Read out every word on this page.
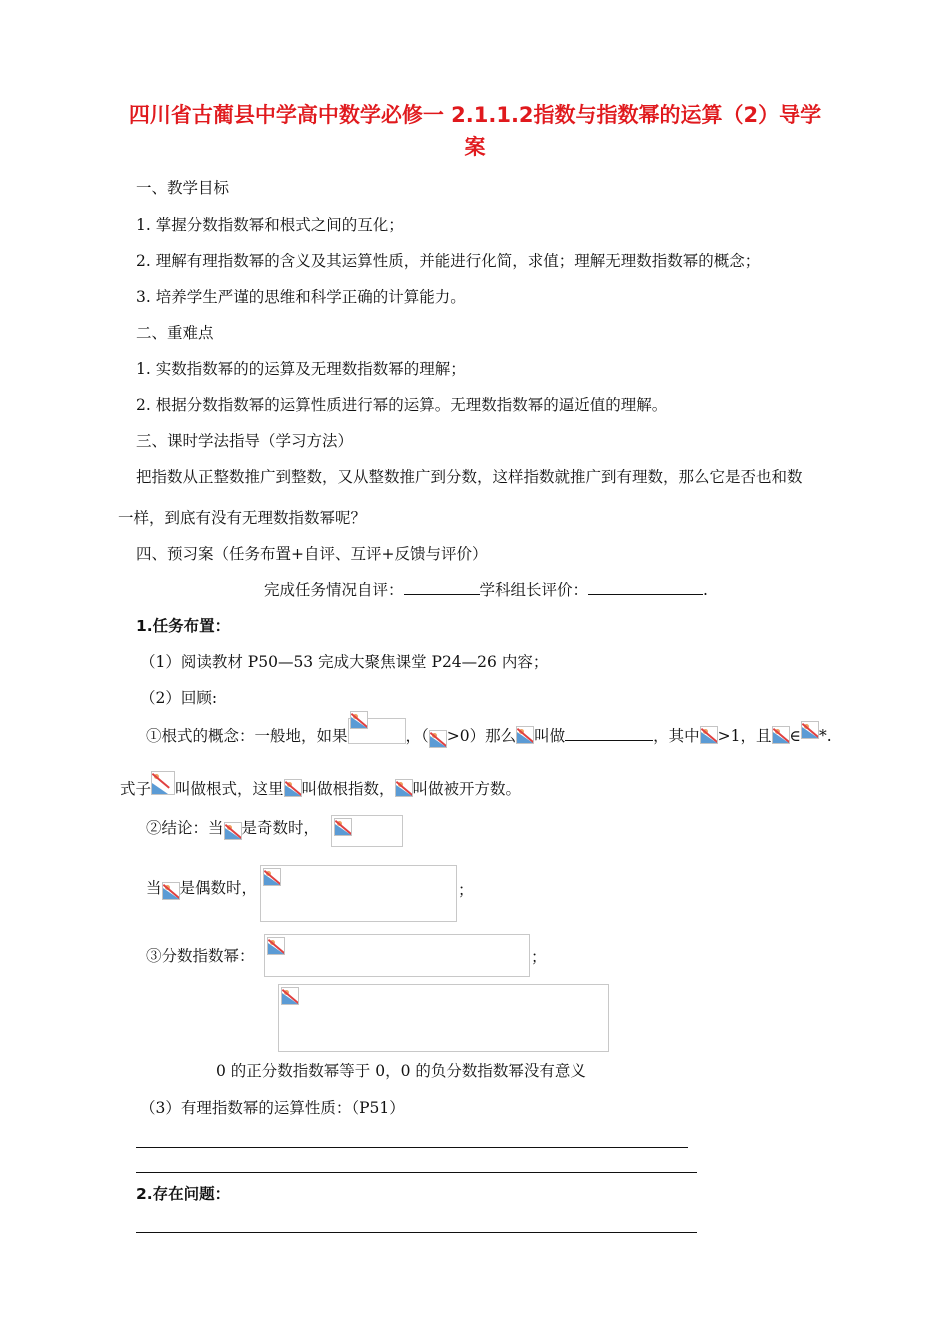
四川省古蔺县中学高中数学必修一 2.1.1.2指数与指数幂的运算（2）导学
案
一、教学目标
1. 掌握分数指数幂和根式之间的互化；
2. 理解有理指数幂的含义及其运算性质，并能进行化简，求值；理解无理数指数幂的概念；
3. 培养学生严谨的思维和科学正确的计算能力。
二、重难点
1. 实数指数幂的的运算及无理数指数幂的理解；
2. 根据分数指数幂的运算性质进行幂的运算。无理数指数幂的逼近值的理解。
三、课时学法指导（学习方法）
把指数从正整数推广到整数，又从整数推广到分数，这样指数就推广到有理数，那么它是否也和数
一样，到底有没有无理数指数幂呢？
四、预习案（任务布置+自评、互评+反馈与评价）
完成任务情况自评：	学科组长评价：	.
1.任务布置：
（1）阅读教材 P50—53 完成大聚焦课堂 P24—26 内容；
（2）回顾:
①根式的概念：一般地，如果	，（ >0）那么 叫做	，其中 >1，且 ∈ *.
式子 叫做根式，这里 叫做根指数， 叫做被开方数。
②结论：当 是奇数时，
当 是偶数时，	；
③分数指数幂：	；
0 的正分数指数幂等于 0，0 的负分数指数幂没有意义
（3）有理指数幂的运算性质：（P51）
2.存在问题：
